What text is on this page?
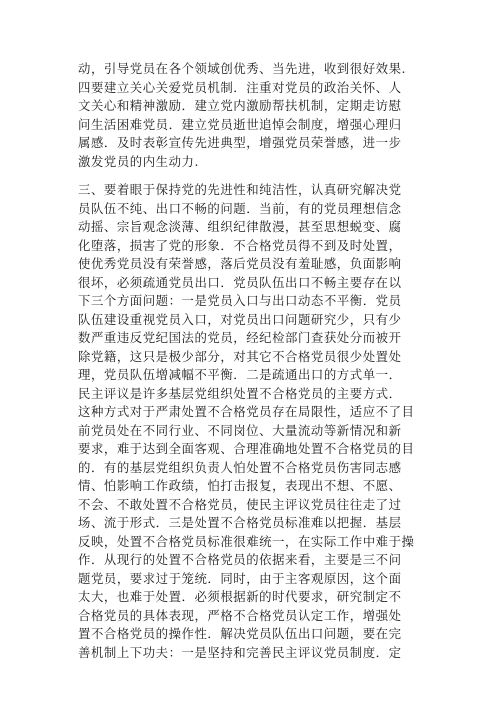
动，引导党员在各个领域创优秀、当先进，收到很好效果.
四要建立关心关爱党员机制．注重对党员的政治关怀、人
文关心和精神激励．建立党内激励帮扶机制，定期走访慰
问生活困难党员．建立党员逝世追悼会制度，增强心理归
属感．及时表彰宣传先进典型，增强党员荣誉感，进一步
激发党员的内生动力.
三、要着眼于保持党的先进性和纯洁性，认真研究解决党
员队伍不纯、出口不畅的问题．当前，有的党员理想信念
动摇、宗旨观念淡薄、组织纪律散漫，甚至思想蜕变、腐
化堕落，损害了党的形象．不合格党员得不到及时处置，
使优秀党员没有荣誉感，落后党员没有羞耻感，负面影响
很坏，必须疏通党员出口．党员队伍出口不畅主要存在以
下三个方面问题：一是党员入口与出口动态不平衡．党员
队伍建设重视党员入口，对党员出口问题研究少，只有少
数严重违反党纪国法的党员，经纪检部门查获处分而被开
除党籍，这只是极少部分，对其它不合格党员很少处置处
理，党员队伍增减幅不平衡．二是疏通出口的方式单一．
民主评议是许多基层党组织处置不合格党员的主要方式．
这种方式对于严肃处置不合格党员存在局限性，适应不了目
前党员处在不同行业、不同岗位、大量流动等新情况和新
要求，难于达到全面客观、合理准确地处置不合格党员的目
的．有的基层党组织负责人怕处置不合格党员伤害同志感
情、怕影响工作政绩，怕打击报复，表现出不想、不愿、
不会、不敢处置不合格党员，使民主评议党员往往走了过
场、流于形式．三是处置不合格党员标准难以把握．基层
反映，处置不合格党员标准很难统一，在实际工作中难于操
作．从现行的处置不合格党员的依据来看，主要是三不问
题党员，要求过于笼统．同时，由于主客观原因，这个面
太大，也难于处置．必须根据新的时代要求，研究制定不
合格党员的具体表现，严格不合格党员认定工作，增强处
置不合格党员的操作性．解决党员队伍出口问题，要在完
善机制上下功夫：一是坚持和完善民主评议党员制度．定
